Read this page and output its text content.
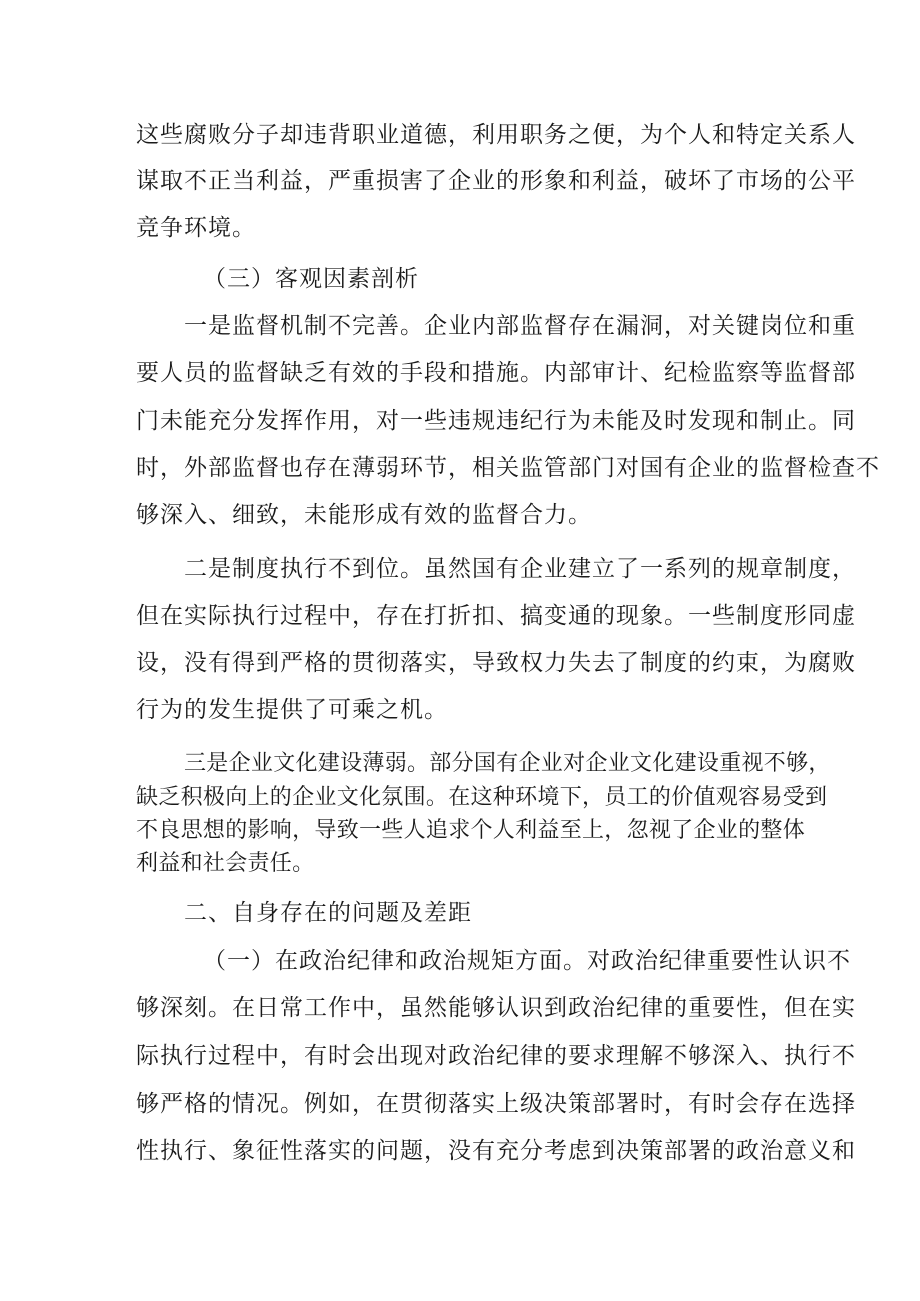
这些腐败分子却违背职业道德，利用职务之便，为个人和特定关系人
谋取不正当利益，严重损害了企业的形象和利益，破坏了市场的公平
竞争环境。
（三）客观因素剖析
一是监督机制不完善。企业内部监督存在漏洞，对关键岗位和重
要人员的监督缺乏有效的手段和措施。内部审计、纪检监察等监督部
门未能充分发挥作用，对一些违规违纪行为未能及时发现和制止。同
时，外部监督也存在薄弱环节，相关监管部门对国有企业的监督检查不
够深入、细致，未能形成有效的监督合力。
二是制度执行不到位。虽然国有企业建立了一系列的规章制度，
但在实际执行过程中，存在打折扣、搞变通的现象。一些制度形同虚
设，没有得到严格的贯彻落实，导致权力失去了制度的约束，为腐败
行为的发生提供了可乘之机。
三是企业文化建设薄弱。部分国有企业对企业文化建设重视不够，
缺乏积极向上的企业文化氛围。在这种环境下，员工的价值观容易受到
不良思想的影响，导致一些人追求个人利益至上，忽视了企业的整体
利益和社会责任。
二、自身存在的问题及差距
（一）在政治纪律和政治规矩方面。对政治纪律重要性认识不
够深刻。在日常工作中，虽然能够认识到政治纪律的重要性，但在实
际执行过程中，有时会出现对政治纪律的要求理解不够深入、执行不
够严格的情况。例如，在贯彻落实上级决策部署时，有时会存在选择
性执行、象征性落实的问题，没有充分考虑到决策部署的政治意义和
